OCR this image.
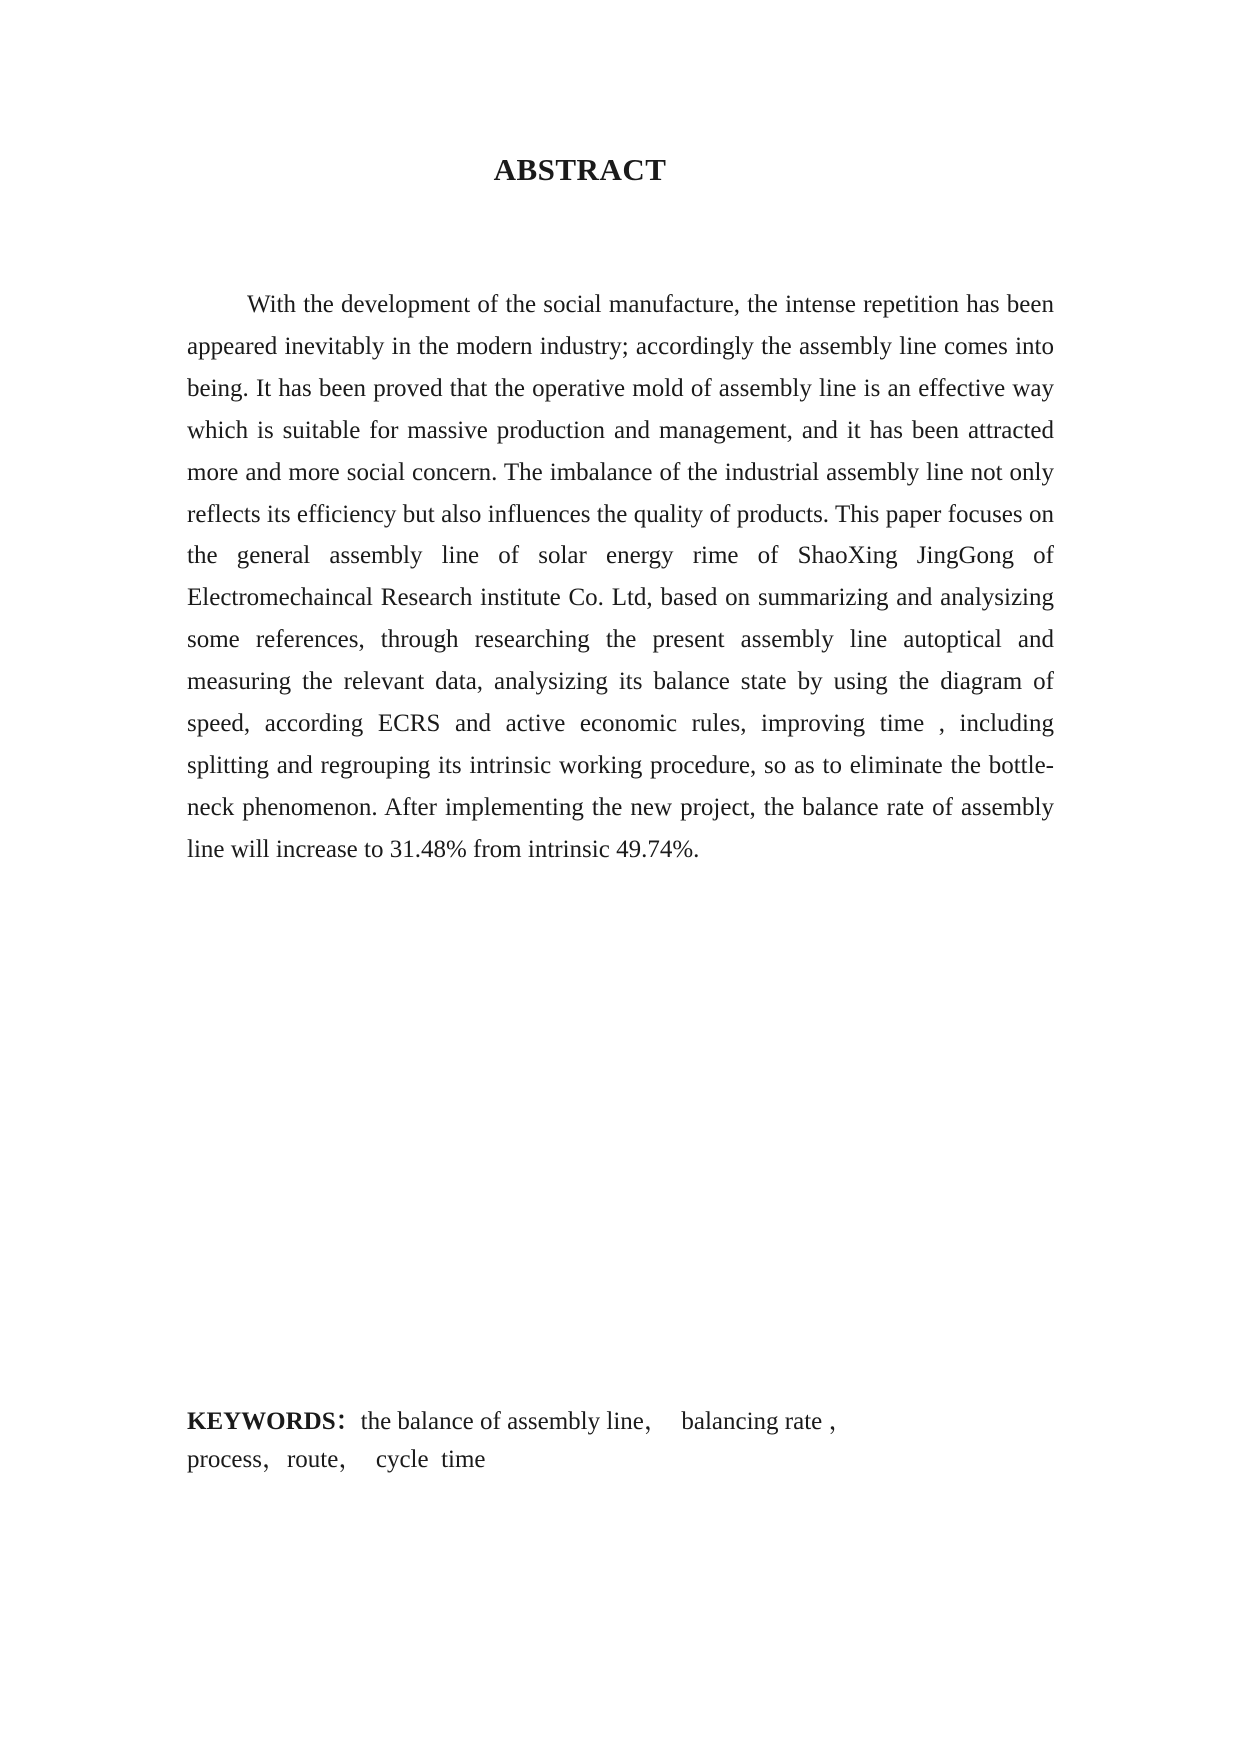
ABSTRACT

With the development of the social manufacture, the intense repetition has been appeared inevitably in the modern industry; accordingly the assembly line comes into being. It has been proved that the operative mold of assembly line is an effective way which is suitable for massive production and management, and it has been attracted more and more social concern. The imbalance of the industrial assembly line not only reflects its efficiency but also influences the quality of products. This paper focuses on the general assembly line of solar energy rime of ShaoXing JingGong of Electromechaincal Research institute Co. Ltd, based on summarizing and analysizing some references, through researching the present assembly line autoptical and measuring the relevant data, analysizing its balance state by using the diagram of speed, according ECRS and active economic rules, improving time , including splitting and regrouping its intrinsic working procedure, so as to eliminate the bottle-neck phenomenon. After implementing the new project, the balance rate of assembly line will increase to 31.48% from intrinsic 49.74%.

KEYWORDS：the balance of assembly line，  balancing rate ，
process，route，  cycle  time
